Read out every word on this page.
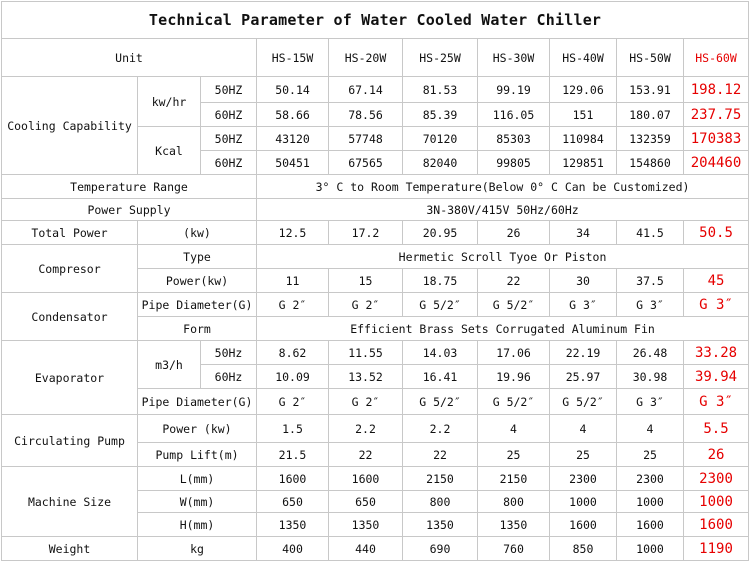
Technical Parameter of Water Cooled Water Chiller									
Unit			HS-15W	HS-20W	HS-25W	HS-30W	HS-40W	HS-50W	HS-60W
Cooling Capability	kw/hr	50HZ	50.14	67.14	81.53	99.19	129.06	153.91	198.12
		60HZ	58.66	78.56	85.39	116.05	151	180.07	237.75
	Kcal	50HZ	43120	57748	70120	85303	110984	132359	170383
		60HZ	50451	67565	82040	99805	129851	154860	204460
Temperature Range			3° C to Room Temperature(Below 0° C Can be Customized)						
Power Supply			3N-380V/415V 50Hz/60Hz						
Total Power	(kw)		12.5	17.2	20.95	26	34	41.5	50.5
Compresor	Type		Hermetic Scroll Tyoe Or Piston						
	Power(kw)		11	15	18.75	22	30	37.5	45
Condensator	Pipe Diameter(G)		G 2″	G 2″	G 5/2″	G 5/2″	G 3″	G 3″	G 3″
	Form		Efficient Brass Sets Corrugated Aluminum Fin						
Evaporator	m3/h	50Hz	8.62	11.55	14.03	17.06	22.19	26.48	33.28
		60Hz	10.09	13.52	16.41	19.96	25.97	30.98	39.94
	Pipe Diameter(G)		G 2″	G 2″	G 5/2″	G 5/2″	G 5/2″	G 3″	G 3″
Circulating Pump	Power (kw)		1.5	2.2	2.2	4	4	4	5.5
	Pump Lift(m)		21.5	22	22	25	25	25	26
Machine Size	L(mm)		1600	1600	2150	2150	2300	2300	2300
	W(mm)		650	650	800	800	1000	1000	1000
	H(mm)		1350	1350	1350	1350	1600	1600	1600
Weight	kg		400	440	690	760	850	1000	1190
